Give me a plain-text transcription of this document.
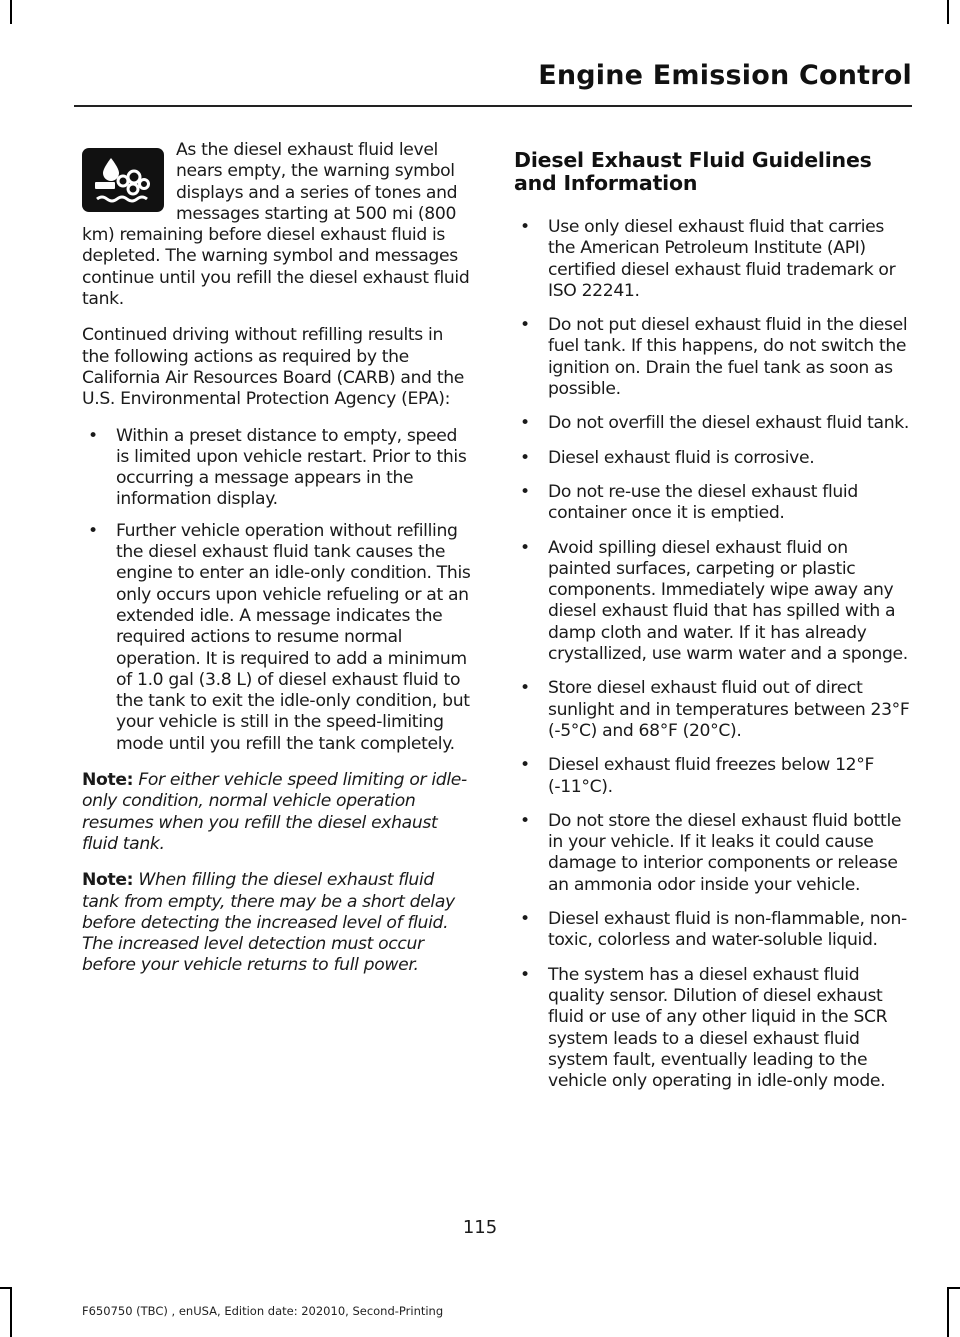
Engine Emission Control

As the diesel exhaust fluid level nears empty, the warning symbol displays and a series of tones and messages starting at 500 mi (800 km) remaining before diesel exhaust fluid is depleted. The warning symbol and messages continue until you refill the diesel exhaust fluid tank.

Continued driving without refilling results in the following actions as required by the California Air Resources Board (CARB) and the U.S. Environmental Protection Agency (EPA):

• Within a preset distance to empty, speed is limited upon vehicle restart. Prior to this occurring a message appears in the information display.
• Further vehicle operation without refilling the diesel exhaust fluid tank causes the engine to enter an idle-only condition. This only occurs upon vehicle refueling or at an extended idle. A message indicates the required actions to resume normal operation. It is required to add a minimum of 1.0 gal (3.8 L) of diesel exhaust fluid to the tank to exit the idle-only condition, but your vehicle is still in the speed-limiting mode until you refill the tank completely.

Note: For either vehicle speed limiting or idle-only condition, normal vehicle operation resumes when you refill the diesel exhaust fluid tank.

Note: When filling the diesel exhaust fluid tank from empty, there may be a short delay before detecting the increased level of fluid. The increased level detection must occur before your vehicle returns to full power.

Diesel Exhaust Fluid Guidelines and Information
• Use only diesel exhaust fluid that carries the American Petroleum Institute (API) certified diesel exhaust fluid trademark or ISO 22241.
• Do not put diesel exhaust fluid in the diesel fuel tank. If this happens, do not switch the ignition on. Drain the fuel tank as soon as possible.
• Do not overfill the diesel exhaust fluid tank.
• Diesel exhaust fluid is corrosive.
• Do not re-use the diesel exhaust fluid container once it is emptied.
• Avoid spilling diesel exhaust fluid on painted surfaces, carpeting or plastic components. Immediately wipe away any diesel exhaust fluid that has spilled with a damp cloth and water. If it has already crystallized, use warm water and a sponge.
• Store diesel exhaust fluid out of direct sunlight and in temperatures between 23°F (-5°C) and 68°F (20°C).
• Diesel exhaust fluid freezes below 12°F (-11°C).
• Do not store the diesel exhaust fluid bottle in your vehicle. If it leaks it could cause damage to interior components or release an ammonia odor inside your vehicle.
• Diesel exhaust fluid is non-flammable, non-toxic, colorless and water-soluble liquid.
• The system has a diesel exhaust fluid quality sensor. Dilution of diesel exhaust fluid or use of any other liquid in the SCR system leads to a diesel exhaust fluid system fault, eventually leading to the vehicle only operating in idle-only mode.

115

F650750 (TBC) , enUSA, Edition date: 202010, Second-Printing
